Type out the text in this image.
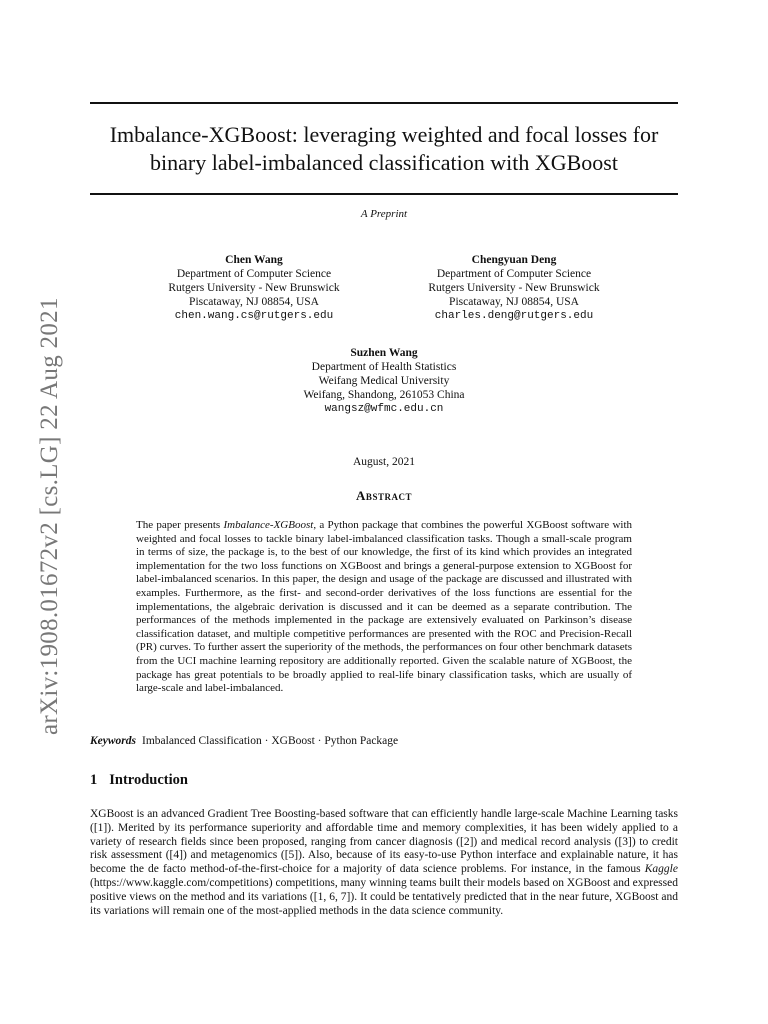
arXiv:1908.01672v2 [cs.LG] 22 Aug 2021
Imbalance-XGBoost: leveraging weighted and focal losses for
binary label-imbalanced classification with XGBoost
A Preprint
Chen Wang
Department of Computer Science
Rutgers University - New Brunswick
Piscataway, NJ 08854, USA
chen.wang.cs@rutgers.edu
Chengyuan Deng
Department of Computer Science
Rutgers University - New Brunswick
Piscataway, NJ 08854, USA
charles.deng@rutgers.edu
Suzhen Wang
Department of Health Statistics
Weifang Medical University
Weifang, Shandong, 261053 China
wangsz@wfmc.edu.cn
August, 2021
Abstract

The paper presents Imbalance-XGBoost, a Python package that combines the powerful XGBoost software with weighted and focal losses to tackle binary label-imbalanced classification tasks. Though a small-scale program in terms of size, the package is, to the best of our knowledge, the first of its kind which provides an integrated implementation for the two loss functions on XGBoost and brings a general-purpose extension to XGBoost for label-imbalanced scenarios. In this paper, the design and usage of the package are discussed and illustrated with examples. Furthermore, as the first- and second-order derivatives of the loss functions are essential for the implementations, the algebraic derivation is discussed and it can be deemed as a separate contribution. The performances of the methods implemented in the package are extensively evaluated on Parkinson’s disease classification dataset, and multiple competitive performances are presented with the ROC and Precision-Recall (PR) curves. To further assert the superiority of the methods, the performances on four other benchmark datasets from the UCI machine learning repository are additionally reported. Given the scalable nature of XGBoost, the package has great potentials to be broadly applied to real-life binary classification tasks, which are usually of large-scale and label-imbalanced.

Keywords Imbalanced Classification · XGBoost · Python Package
1 Introduction

XGBoost is an advanced Gradient Tree Boosting-based software that can efficiently handle large-scale Machine Learning tasks ([1]). Merited by its performance superiority and affordable time and memory complexities, it has been widely applied to a variety of research fields since been proposed, ranging from cancer diagnosis ([2]) and medical record analysis ([3]) to credit risk assessment ([4]) and metagenomics ([5]). Also, because of its easy-to-use Python interface and explainable nature, it has become the de facto method-of-the-first-choice for a majority of data science problems. For instance, in the famous Kaggle (https://www.kaggle.com/competitions) competitions, many winning teams built their models based on XGBoost and expressed positive views on the method and its variations ([1, 6, 7]). It could be tentatively predicted that in the near future, XGBoost and its variations will remain one of the most-applied methods in the data science community.
